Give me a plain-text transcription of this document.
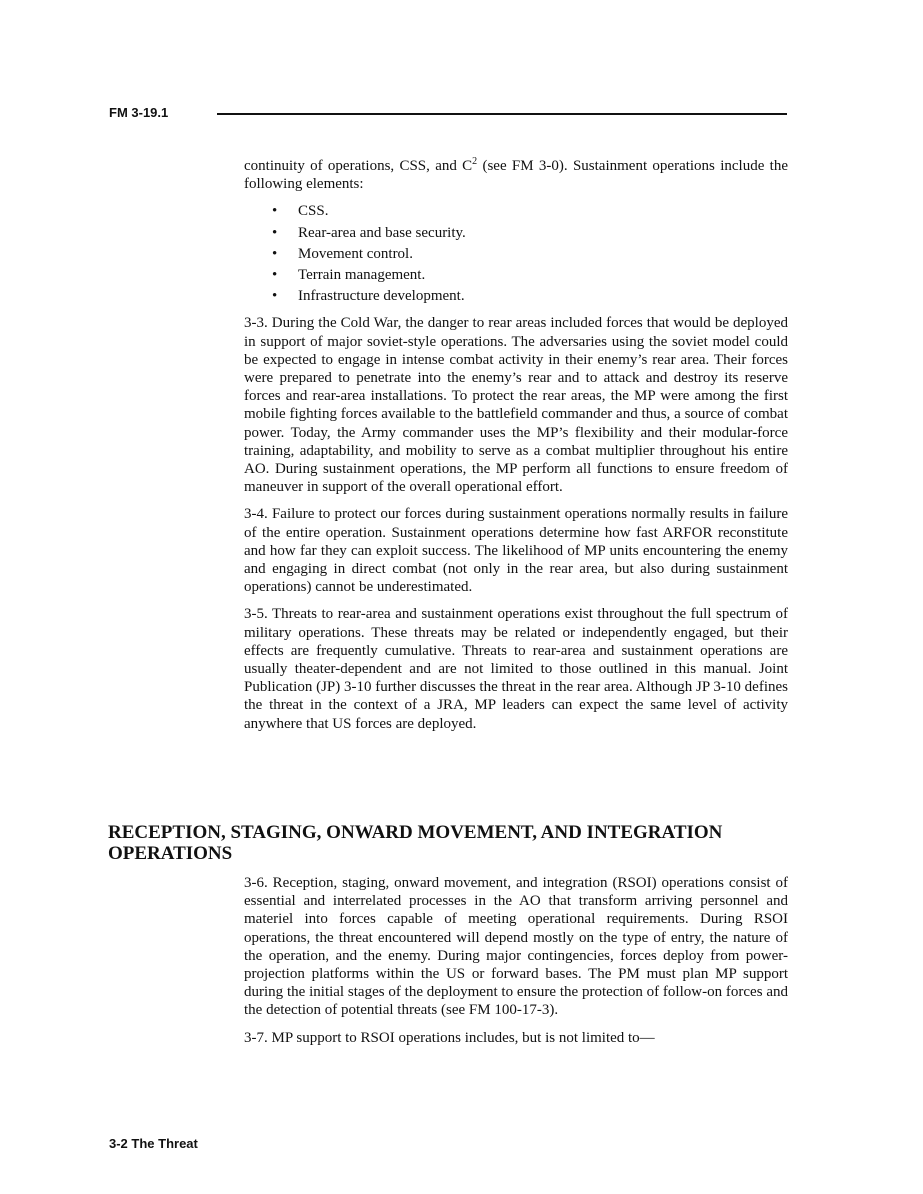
FM 3-19.1

continuity of operations, CSS, and $C^2$ (see FM 3-0). Sustainment operations include the following elements:

• CSS.
• Rear-area and base security.
• Movement control.
• Terrain management.
• Infrastructure development.

3-3. During the Cold War, the danger to rear areas included forces that would be deployed in support of major soviet-style operations. The adversaries using the soviet model could be expected to engage in intense combat activity in their enemy’s rear area. Their forces were prepared to penetrate into the enemy’s rear and to attack and destroy its reserve forces and rear-area installations. To protect the rear areas, the MP were among the first mobile fighting forces available to the battlefield commander and thus, a source of combat power. Today, the Army commander uses the MP’s flexibility and their modular-force training, adaptability, and mobility to serve as a combat multiplier throughout his entire AO. During sustainment operations, the MP perform all functions to ensure freedom of maneuver in support of the overall operational effort.

3-4. Failure to protect our forces during sustainment operations normally results in failure of the entire operation. Sustainment operations determine how fast ARFOR reconstitute and how far they can exploit success. The likelihood of MP units encountering the enemy and engaging in direct combat (not only in the rear area, but also during sustainment operations) cannot be underestimated.

3-5. Threats to rear-area and sustainment operations exist throughout the full spectrum of military operations. These threats may be related or independently engaged, but their effects are frequently cumulative. Threats to rear-area and sustainment operations are usually theater-dependent and are not limited to those outlined in this manual. Joint Publication (JP) 3-10 further discusses the threat in the rear area. Although JP 3-10 defines the threat in the context of a JRA, MP leaders can expect the same level of activity anywhere that US forces are deployed.

RECEPTION, STAGING, ONWARD MOVEMENT, AND INTEGRATION OPERATIONS

3-6. Reception, staging, onward movement, and integration (RSOI) operations consist of essential and interrelated processes in the AO that transform arriving personnel and materiel into forces capable of meeting operational requirements. During RSOI operations, the threat encountered will depend mostly on the type of entry, the nature of the operation, and the enemy. During major contingencies, forces deploy from power-projection platforms within the US or forward bases. The PM must plan MP support during the initial stages of the deployment to ensure the protection of follow-on forces and the detection of potential threats (see FM 100-17-3).

3-7. MP support to RSOI operations includes, but is not limited to—

3-2 The Threat
